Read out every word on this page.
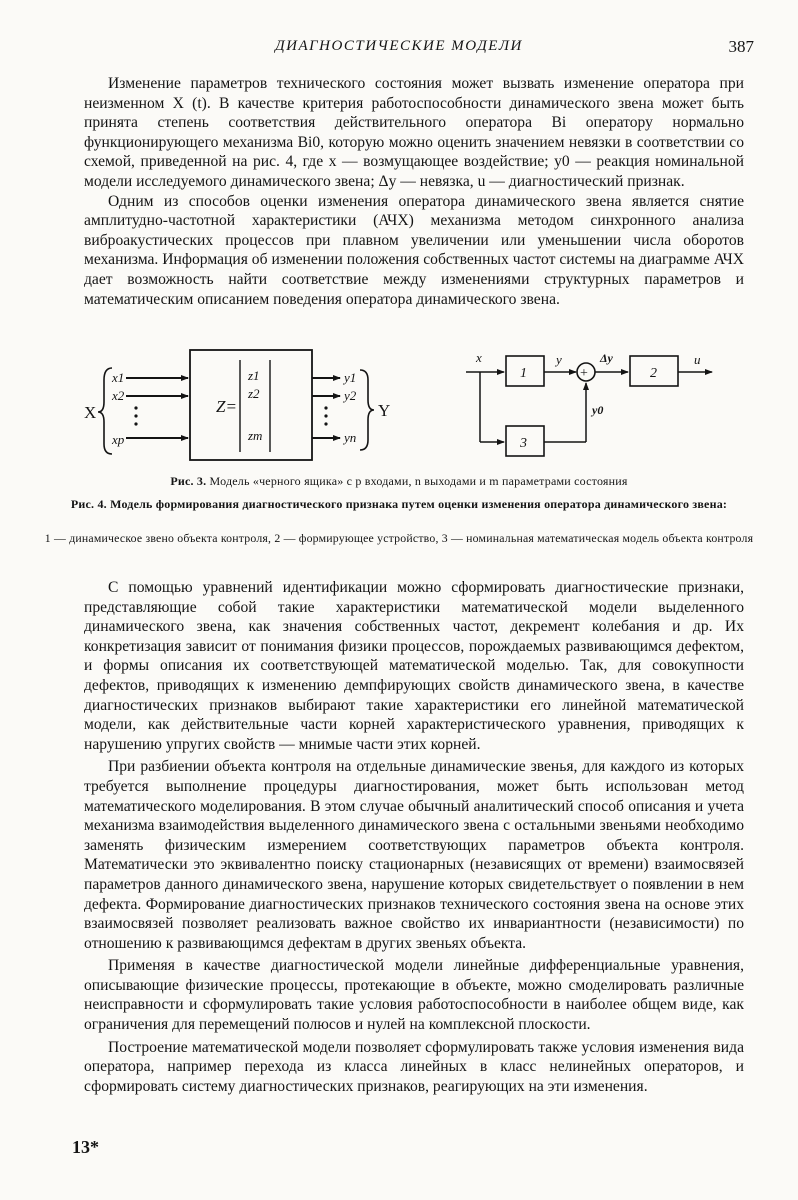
ДИАГНОСТИЧЕСКИЕ МОДЕЛИ	387

Изменение параметров технического состояния может вызвать изменение оператора при неизменном X (t). В качестве критерия работоспособности динамического звена может быть принята степень соответствия действительного оператора Bi оператору нормально функционирующего механизма Bi0, которую можно оценить значением невязки в соответствии со схемой, приведенной на рис. 4, где x — возмущающее воздействие; y0 — реакция номинальной модели исследуемого динамического звена; Δy — невязка, u — диагностический признак.

Одним из способов оценки изменения оператора динамического звена является снятие амплитудно-частотной характеристики (АЧХ) механизма методом синхронного анализа виброакустических процессов при плавном увеличении или уменьшении числа оборотов механизма. Информация об изменении положения собственных частот системы на диаграмме АЧХ дает возможность найти соответствие между изменениями структурных параметров и математическим описанием поведения оператора динамического звена.

X
x1
x2
xp
Z=
z1
z2
zm
y1
y2
yn
Y
x
1
y
+
Δy
2
u
3
y0
Рис. 3. Модель «черного ящика» с p входами, n выходами и m параметрами состояния
Рис. 4. Модель формирования диагностического признака путем оценки изменения оператора динамического звена:
1 — динамическое звено объекта контроля, 2 — формирующее устройство, 3 — номинальная математическая модель объекта контроля

С помощью уравнений идентификации можно сформировать диагностические признаки, представляющие собой такие характеристики математической модели выделенного динамического звена, как значения собственных частот, декремент колебания и др. Их конкретизация зависит от понимания физики процессов, порождаемых развивающимся дефектом, и формы описания их соответствующей математической моделью. Так, для совокупности дефектов, приводящих к изменению демпфирующих свойств динамического звена, в качестве диагностических признаков выбирают такие характеристики его линейной математической модели, как действительные части корней характеристического уравнения, приводящих к нарушению упругих свойств — мнимые части этих корней.

При разбиении объекта контроля на отдельные динамические звенья, для каждого из которых требуется выполнение процедуры диагностирования, может быть использован метод математического моделирования. В этом случае обычный аналитический способ описания и учета механизма взаимодействия выделенного динамического звена с остальными звеньями необходимо заменять физическим измерением соответствующих параметров объекта контроля. Математически это эквивалентно поиску стационарных (независящих от времени) взаимосвязей параметров данного динамического звена, нарушение которых свидетельствует о появлении в нем дефекта. Формирование диагностических признаков технического состояния звена на основе этих взаимосвязей позволяет реализовать важное свойство их инвариантности (независимости) по отношению к развивающимся дефектам в других звеньях объекта.

Применяя в качестве диагностической модели линейные дифференциальные уравнения, описывающие физические процессы, протекающие в объекте, можно смоделировать различные неисправности и сформулировать такие условия работоспособности в наиболее общем виде, как ограничения для перемещений полюсов и нулей на комплексной плоскости.

Построение математической модели позволяет сформулировать также условия изменения вида оператора, например перехода из класса линейных в класс нелинейных операторов, и сформировать систему диагностических признаков, реагирующих на эти изменения.

13*
